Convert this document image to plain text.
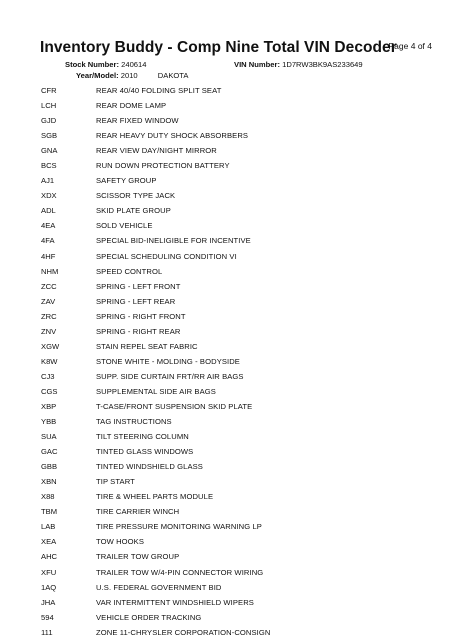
Inventory Buddy - Comp Nine Total VIN Decoder
Page 4 of 4
Stock Number: 240614	VIN Number: 1D7RW3BK9AS233649
Year/Model: 2010	DAKOTA
CFR	REAR 40/40 FOLDING SPLIT SEAT
LCH	REAR DOME LAMP
GJD	REAR FIXED WINDOW
SGB	REAR HEAVY DUTY SHOCK ABSORBERS
GNA	REAR VIEW DAY/NIGHT MIRROR
BCS	RUN DOWN PROTECTION BATTERY
AJ1	SAFETY GROUP
XDX	SCISSOR TYPE JACK
ADL	SKID PLATE GROUP
4EA	SOLD VEHICLE
4FA	SPECIAL BID-INELIGIBLE FOR INCENTIVE
4HF	SPECIAL SCHEDULING CONDITION VI
NHM	SPEED CONTROL
ZCC	SPRING - LEFT FRONT
ZAV	SPRING - LEFT REAR
ZRC	SPRING - RIGHT FRONT
ZNV	SPRING - RIGHT REAR
XGW	STAIN REPEL SEAT FABRIC
K8W	STONE WHITE - MOLDING - BODYSIDE
CJ3	SUPP. SIDE CURTAIN FRT/RR AIR BAGS
CGS	SUPPLEMENTAL SIDE AIR BAGS
XBP	T-CASE/FRONT SUSPENSION SKID PLATE
YBB	TAG INSTRUCTIONS
SUA	TILT STEERING COLUMN
GAC	TINTED GLASS WINDOWS
GBB	TINTED WINDSHIELD GLASS
XBN	TIP START
X88	TIRE & WHEEL PARTS MODULE
TBM	TIRE CARRIER WINCH
LAB	TIRE PRESSURE MONITORING WARNING LP
XEA	TOW HOOKS
AHC	TRAILER TOW GROUP
XFU	TRAILER TOW W/4-PIN CONNECTOR WIRING
1AQ	U.S. FEDERAL GOVERNMENT BID
JHA	VAR INTERMITTENT WINDSHIELD WIPERS
594	VEHICLE ORDER TRACKING
111	ZONE 11-CHRYSLER CORPORATION-CONSIGN
